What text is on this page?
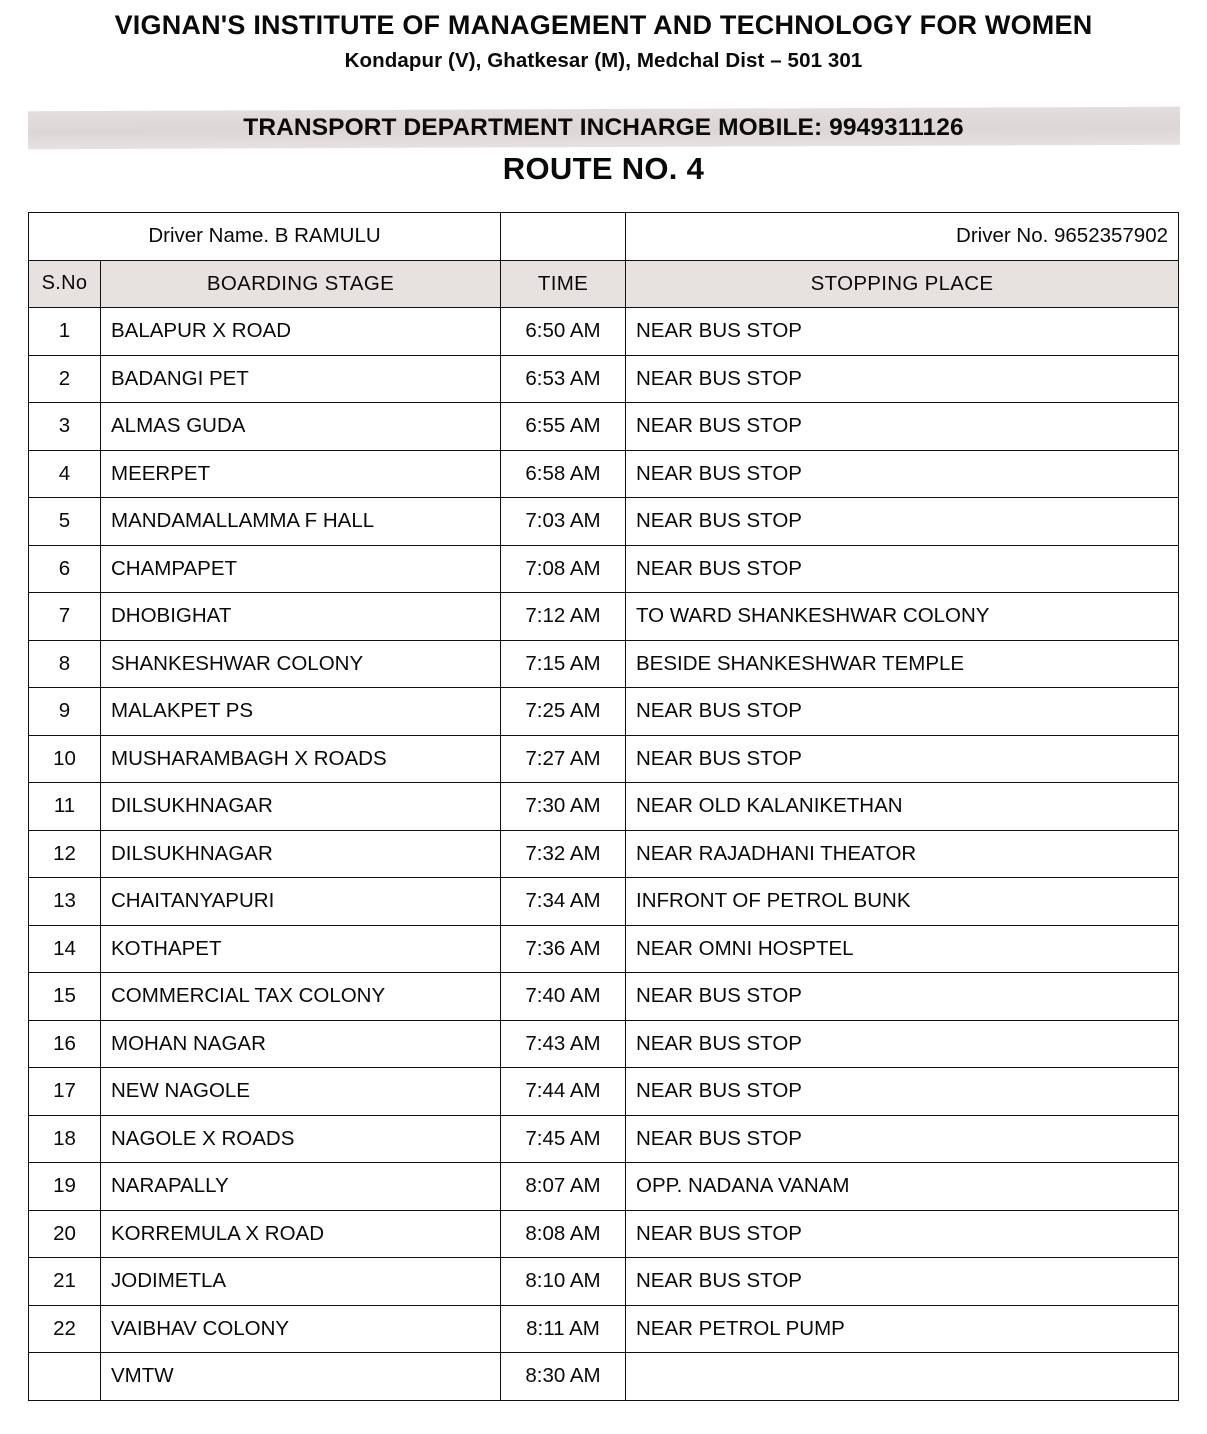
VIGNAN'S INSTITUTE OF MANAGEMENT AND TECHNOLOGY FOR WOMEN
Kondapur (V), Ghatkesar (M), Medchal Dist – 501 301
TRANSPORT DEPARTMENT INCHARGE MOBILE: 9949311126
ROUTE NO. 4
Driver Name. B RAMULU			Driver No. 9652357902
S.No	BOARDING STAGE	TIME	STOPPING PLACE
1	BALAPUR X ROAD	6:50 AM	NEAR BUS STOP
2	BADANGI PET	6:53 AM	NEAR BUS STOP
3	ALMAS GUDA	6:55 AM	NEAR BUS STOP
4	MEERPET	6:58 AM	NEAR BUS STOP
5	MANDAMALLAMMA F HALL	7:03 AM	NEAR BUS STOP
6	CHAMPAPET	7:08 AM	NEAR BUS STOP
7	DHOBIGHAT	7:12 AM	TO WARD SHANKESHWAR COLONY
8	SHANKESHWAR COLONY	7:15 AM	BESIDE SHANKESHWAR TEMPLE
9	MALAKPET PS	7:25 AM	NEAR BUS STOP
10	MUSHARAMBAGH X ROADS	7:27 AM	NEAR BUS STOP
11	DILSUKHNAGAR	7:30 AM	NEAR OLD KALANIKETHAN
12	DILSUKHNAGAR	7:32 AM	NEAR RAJADHANI THEATOR
13	CHAITANYAPURI	7:34 AM	INFRONT OF PETROL BUNK
14	KOTHAPET	7:36 AM	NEAR OMNI HOSPTEL
15	COMMERCIAL TAX COLONY	7:40 AM	NEAR BUS STOP
16	MOHAN NAGAR	7:43 AM	NEAR BUS STOP
17	NEW NAGOLE	7:44 AM	NEAR BUS STOP
18	NAGOLE X ROADS	7:45 AM	NEAR BUS STOP
19	NARAPALLY	8:07 AM	OPP. NADANA VANAM
20	KORREMULA X ROAD	8:08 AM	NEAR BUS STOP
21	JODIMETLA	8:10 AM	NEAR BUS STOP
22	VAIBHAV COLONY	8:11 AM	NEAR PETROL PUMP
	VMTW	8:30 AM	
